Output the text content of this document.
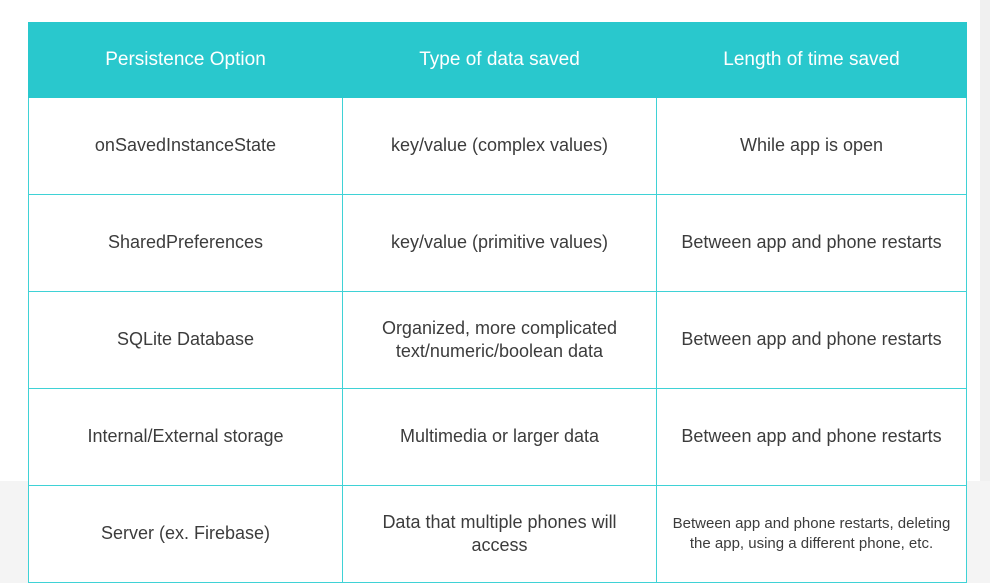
Persistence Option	Type of data saved	Length of time saved
onSavedInstanceState	key/value (complex values)	While app is open
SharedPreferences	key/value (primitive values)	Between app and phone restarts
SQLite Database	Organized, more complicated text/numeric/boolean data	Between app and phone restarts
Internal/External storage	Multimedia or larger data	Between app and phone restarts
Server (ex. Firebase)	Data that multiple phones will access	Between app and phone restarts, deleting the app, using a different phone, etc.
